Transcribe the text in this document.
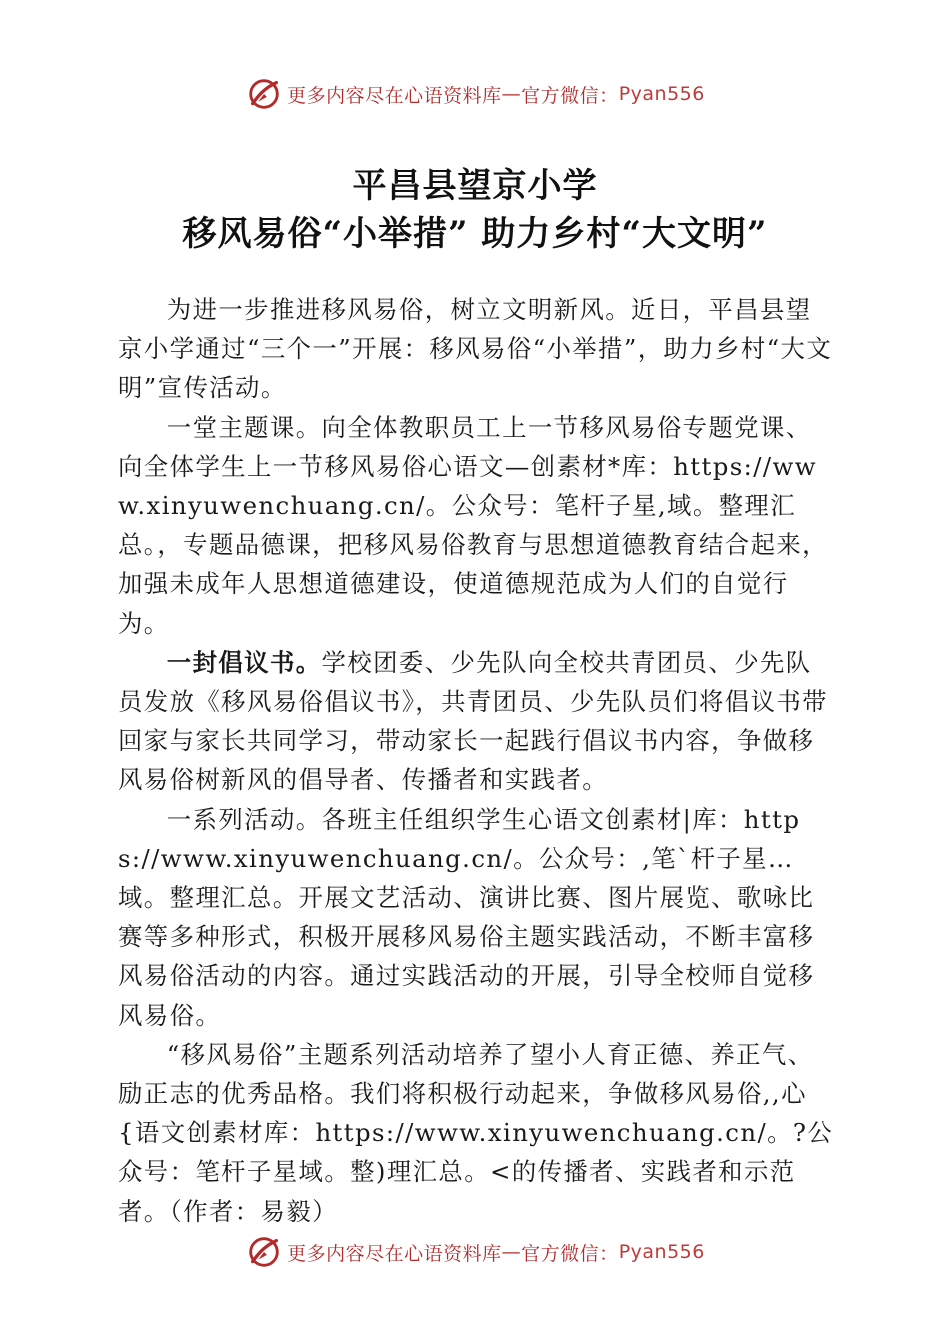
更多内容尽在心语资料库 — 官方微信： Pyan556
平昌县望京小学
移风易俗“小举措” 助力乡村“大文明”

为进一步推进移风易俗，树立文明新风。近日，平昌县望京小学通过“三个一”开展：移风易俗“小举措”，助力乡村“大文明”宣传活动。

一堂主题课。向全体教职员工上一节移风易俗专题党课、向全体学生上一节移风易俗心语文—创素材*库：https://www.xinyuwenchuang.cn/。公众号：笔杆子星,域。整理汇总。，专题品德课，把移风易俗教育与思想道德教育结合起来，加强未成年人思想道德建设，使道德规范成为人们的自觉行为。

一封倡议书。学校团委、少先队向全校共青团员、少先队员发放《移风易俗倡议书》，共青团员、少先队员们将倡议书带回家与家长共同学习，带动家长一起践行倡议书内容，争做移风易俗树新风的倡导者、传播者和实践者。

一系列活动。各班主任组织学生心语文创素材|库：https://www.xinyuwenchuang.cn/。公众号：,笔`杆子星…域。整理汇总。开展文艺活动、演讲比赛、图片展览、歌咏比赛等多种形式，积极开展移风易俗主题实践活动，不断丰富移风易俗活动的内容。通过实践活动的开展，引导全校师自觉移风易俗。

“移风易俗”主题系列活动培养了望小人育正德、养正气、励正志的优秀品格。我们将积极行动起来，争做移风易俗,,心{语文创素材库：https://www.xinyuwenchuang.cn/。?公众号：笔杆子星域。整)理汇总。<的传播者、实践者和示范者。（作者：易毅）

更多内容尽在心语资料库 — 官方微信： Pyan556
